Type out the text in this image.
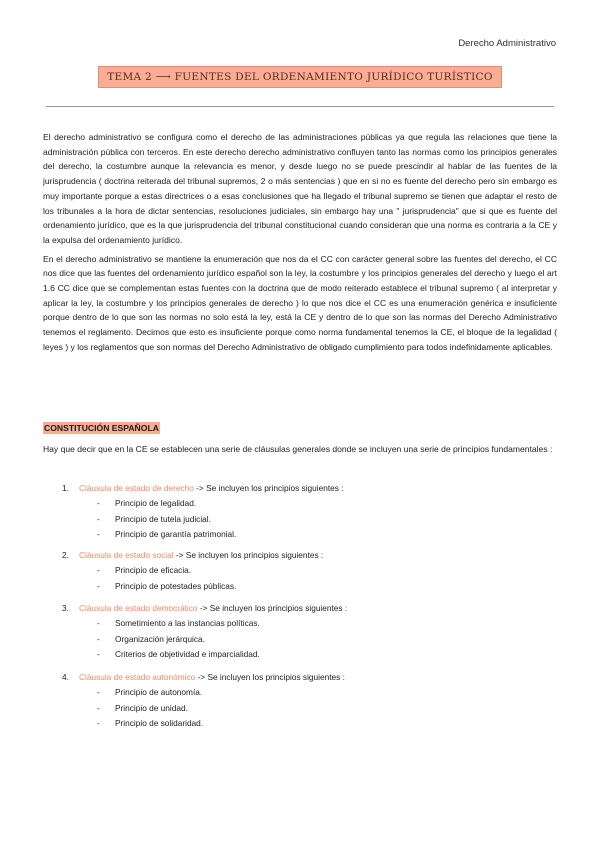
Derecho Administrativo
TEMA 2 ⟶ FUENTES DEL ORDENAMIENTO JURÍDICO TURÍSTICO

El derecho administrativo se configura como el derecho de las administraciones públicas ya que regula las relaciones que tiene la administración pública con terceros. En este derecho derecho administrativo confluyen tanto las normas como los principios generales del derecho, la costumbre aunque la relevancia es menor, y desde luego no se puede prescindir al hablar de las fuentes de la jurisprudencia ( doctrina reiterada del tribunal supremos, 2 o más sentencias ) que en si no es fuente del derecho pero sin embargo es muy importante porque a estas directrices o a esas conclusiones que ha llegado el tribunal supremo se tienen que adaptar el resto de los tribunales a la hora de dictar sentencias, resoluciones judiciales, sin embargo hay una " jurisprudencia" que si que es fuente del ordenamiento jurídico, que es la que jurisprudencia del tribunal constitucional cuando consideran que una norma es contraria a la CE y la expulsa del ordenamiento jurídico.

En el derecho administrativo se mantiene la enumeración que nos da el CC con carácter general sobre las fuentes del derecho, el CC nos dice que las fuentes del ordenamiento jurídico español son la ley, la costumbre y los principios generales del derecho y luego el art 1.6 CC dice que se complementan estas fuentes con la doctrina que de modo reiterado establece el tribunal supremo ( al interpretar y aplicar la ley, la costumbre y los principios generales de derecho ) lo que nos dice el CC es una enumeración genérica e insuficiente porque dentro de lo que son las normas no solo está la ley, está la CE y dentro de lo que son las normas del Derecho Administrativo tenemos el reglamento. Decimos que esto es insuficiente porque como norma fundamental tenemos la CE, el bloque de la legalidad ( leyes ) y los reglamentos que son normas del Derecho Administrativo de obligado cumplimiento para todos indefinidamente aplicables.

CONSTITUCIÓN ESPAÑOLA
Hay que decir que en la CE se establecen una serie de cláusulas generales donde se incluyen una serie de principios fundamentales :
1. Cláusula de estado de derecho -> Se incluyen los principios siguientes :
- Principio de legalidad.
- Principio de tutela judicial.
- Principio de garantía patrimonial.
2. Cláusula de estado social -> Se incluyen los principios siguientes :
- Principio de eficacia.
- Principio de potestades públicas.
3. Cláusula de estado democrático -> Se incluyen los principios siguientes :
- Sometimiento a las instancias políticas.
- Organización jerárquica.
- Criterios de objetividad e imparcialidad.
4. Cláusula de estado autonómico -> Se incluyen los principios siguientes :
- Principio de autonomía.
- Principio de unidad.
- Principio de solidaridad.
